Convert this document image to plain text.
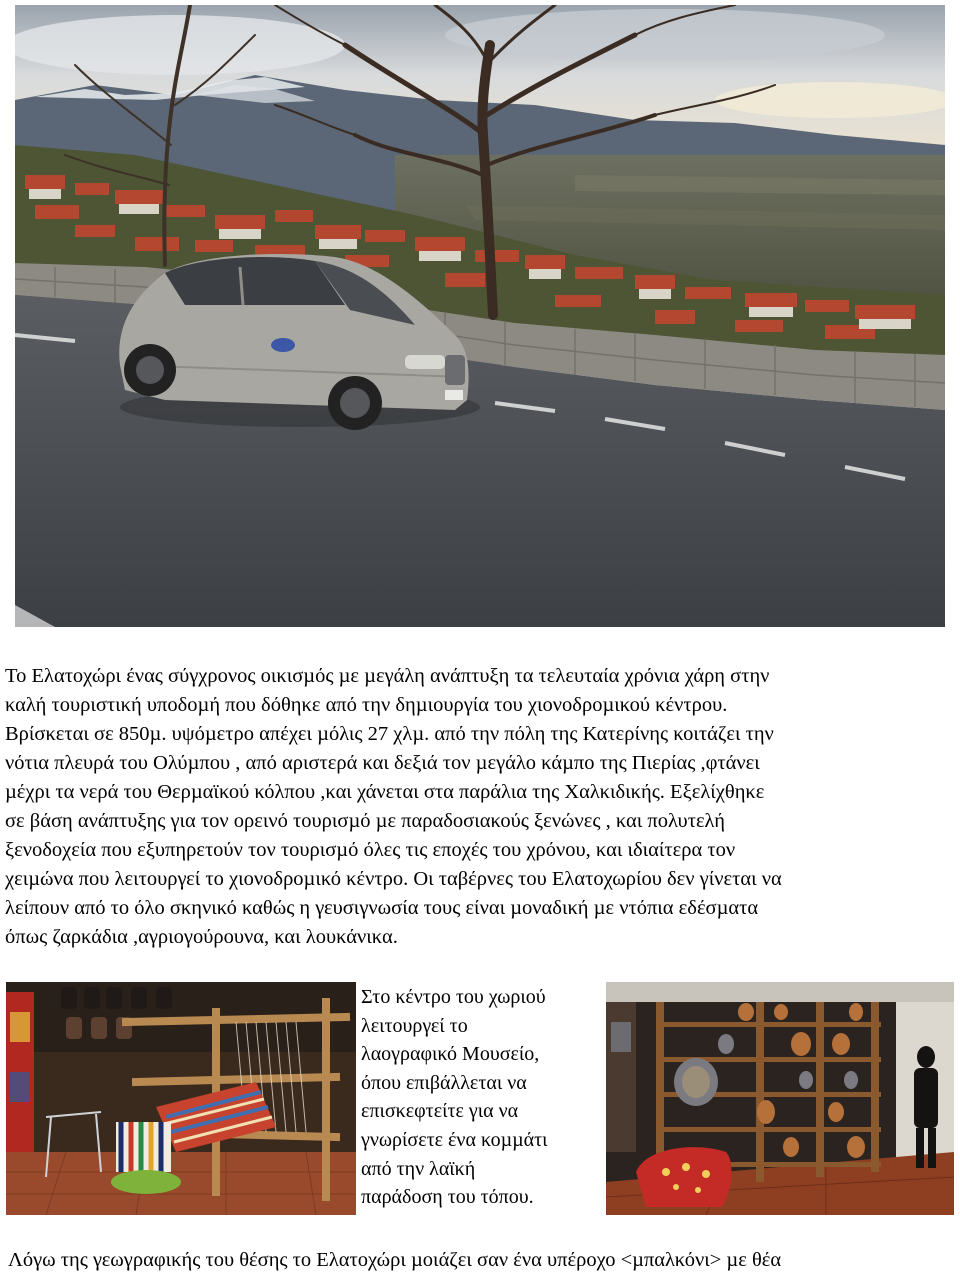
Το Ελατοχώρι ένας σύγχρονος οικισµός µε µεγάλη ανάπτυξη τα τελευταία χρόνια χάρη στην
καλή τουριστική υποδοµή που δόθηκε από την δηµιουργία του χιονοδροµικού κέντρου.
Βρίσκεται σε 850µ. υψόµετρο απέχει µόλις 27 χλµ. από την πόλη της Κατερίνης κοιτάζει την
νότια πλευρά του Ολύµπου , από αριστερά και δεξιά τον µεγάλο κάµπο της Πιερίας ,φτάνει
µέχρι τα νερά του Θερµαϊκού κόλπου ,και χάνεται στα παράλια της Χαλκιδικής. Εξελίχθηκε
σε βάση ανάπτυξης για τον ορεινό τουρισµό µε παραδοσιακούς ξενώνες , και πολυτελή
ξενοδοχεία που εξυπηρετούν τον τουρισµό όλες τις εποχές του χρόνου, και ιδιαίτερα τον
χειµώνα που λειτουργεί το χιονοδροµικό κέντρο. Οι ταβέρνες του Ελατοχωρίου δεν γίνεται να
λείπουν από το όλο σκηνικό καθώς η γευσιγνωσία τους είναι µοναδική µε ντόπια εδέσµατα
όπως ζαρκάδια ,αγριογούρουνα, και λουκάνικα.
Στο κέντρο του χωριού
λειτουργεί το
λαογραφικό Μουσείο,
όπου επιβάλλεται να
επισκεφτείτε για να
γνωρίσετε ένα κοµµάτι
από την λαϊκή
παράδοση του τόπου.
Λόγω της γεωγραφικής του θέσης το Ελατοχώρι µοιάζει σαν ένα υπέροχο <µπαλκόνι> µε θέα
